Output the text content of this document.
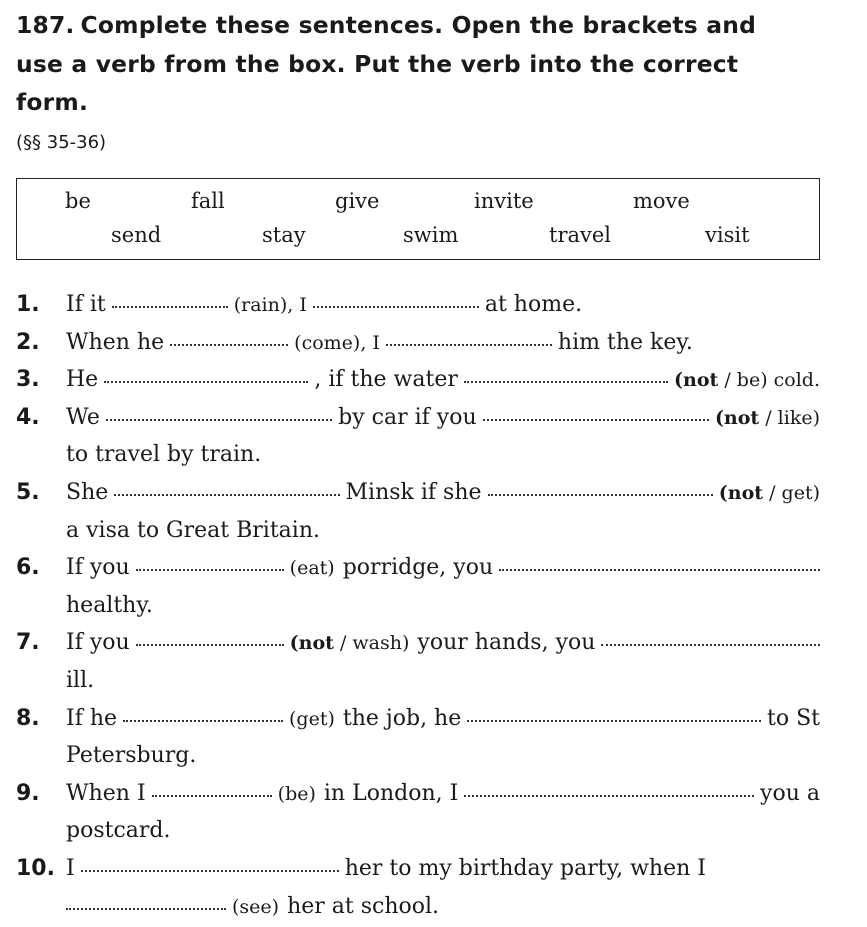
187. Complete these sentences. Open the brackets and
use a verb from the box. Put the verb into the correct
form.
(§§ 35-36)
be	fall	give	invite	move
send	stay	swim	travel	visit
1.	If it	(rain), I	at home.
2.	When he	(come), I	him the key.
3.	He	, if the water	(not / be) cold.
4.	We	by car if you	(not / like)
to travel by train.
5.	She	Minsk if she	(not / get)
a visa to Great Britain.
6.	If you	(eat) porridge, you
healthy.
7.	If you	(not / wash) your hands, you
ill.
8.	If he	(get) the job, he	to St
Petersburg.
9.	When I	(be) in London, I	you a
postcard.
10. I	her to my birthday party, when I
(see) her at school.
